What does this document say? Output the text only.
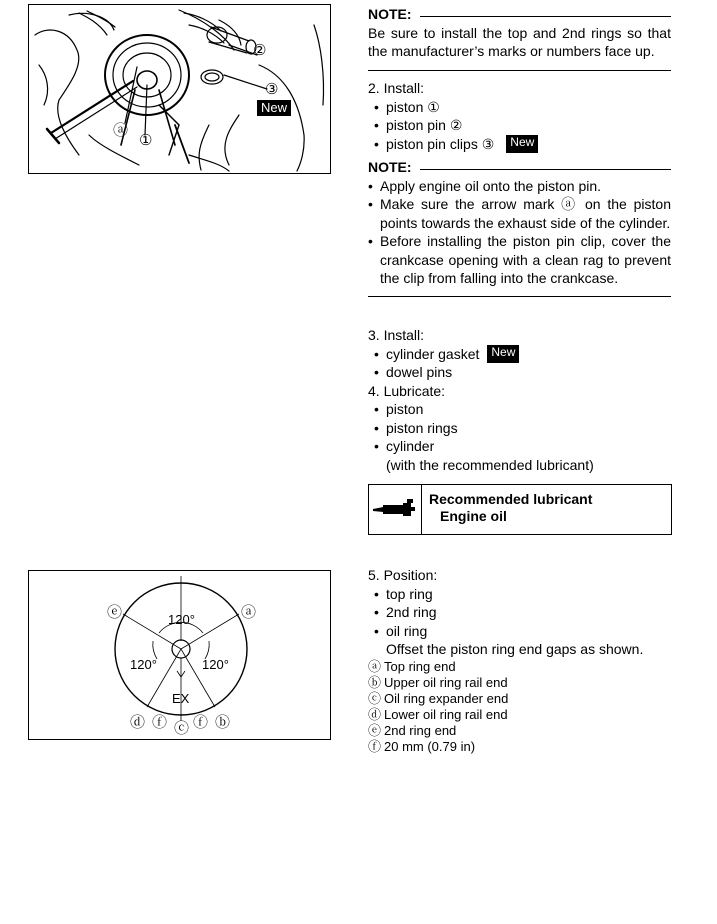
②
③
ⓐ
①
New
120°
120°	120°
EX
ⓔ	ⓐ
ⓓ ⓕ ⓒ ⓕ ⓑ
NOTE:

Be sure to install the top and 2nd rings so that the manufacturer’s marks or numbers face up.

2. Install:

• piston ①
• piston pin ②
• piston pin clips ③	New
NOTE:
• Apply engine oil onto the piston pin.
• Make sure the arrow mark ⓐ on the piston points towards the exhaust side of the cylinder.
• Before installing the piston pin clip, cover the crankcase opening with a clean rag to prevent the clip from falling into the crankcase.

3. Install:

• cylinder gasket	New
• dowel pins

4. Lubricate:

• piston
• piston rings
• cylinder

(with the recommended lubricant)

Recommended lubricant
Engine oil

5. Position:

• top ring
• 2nd ring
• oil ring

Offset the piston ring end gaps as shown.

ⓐ Top ring end
ⓑ Upper oil ring rail end
ⓒ Oil ring expander end
ⓓ Lower oil ring rail end
ⓔ 2nd ring end
ⓕ 20 mm (0.79 in)
